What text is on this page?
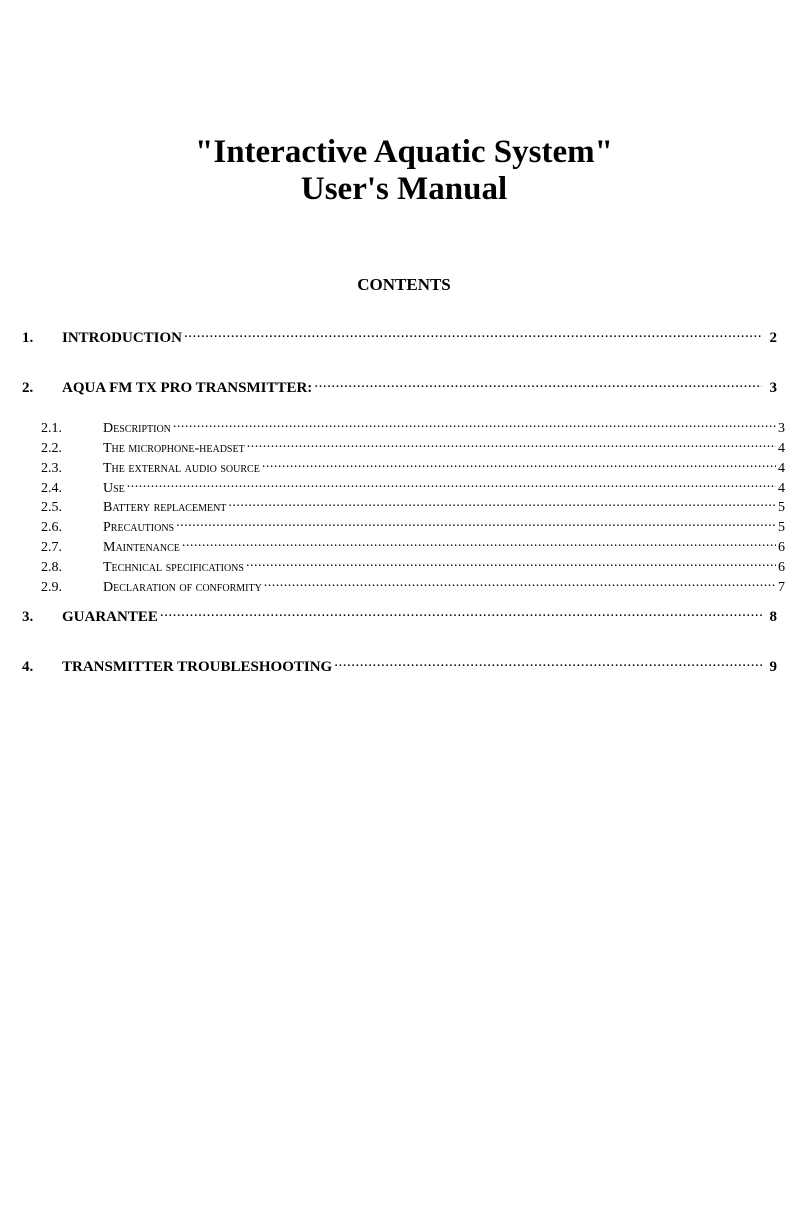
"Interactive Aquatic System"
User's Manual
CONTENTS
1.	INTRODUCTION .....	2
2.	AQUA FM TX PRO TRANSMITTER: .....	3
2.1.	Description .....	3
2.2.	The microphone-headset .....	4
2.3.	The external audio source .....	4
2.4.	Use .....	4
2.5.	Battery replacement .....	5
2.6.	Precautions .....	5
2.7.	Maintenance .....	6
2.8.	Technical specifications .....	6
2.9.	Declaration of conformity .....	7
3.	GUARANTEE .....	8
4.	TRANSMITTER TROUBLESHOOTING .....	9
